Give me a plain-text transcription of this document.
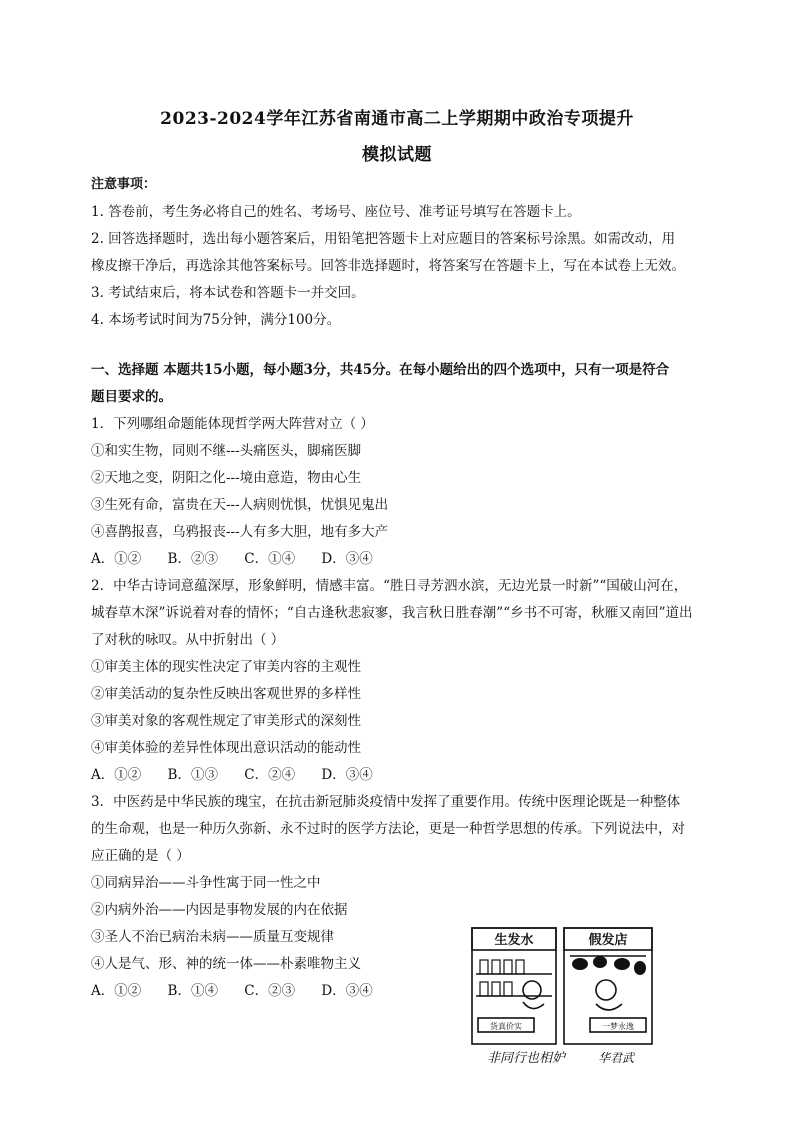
2023-2024学年江苏省南通市高二上学期期中政治专项提升
模拟试题
注意事项：
1. 答卷前，考生务必将自己的姓名、考场号、座位号、准考证号填写在答题卡上。
2. 回答选择题时，选出每小题答案后，用铅笔把答题卡上对应题目的答案标号涂黑。如需改动，用
橡皮擦干净后，再选涂其他答案标号。回答非选择题时，将答案写在答题卡上，写在本试卷上无效。
3. 考试结束后，将本试卷和答题卡一并交回。
4. 本场考试时间为75分钟，满分100分。
一、选择题 本题共15小题，每小题3分，共45分。在每小题给出的四个选项中，只有一项是符合
题目要求的。
1．下列哪组命题能体现哲学两大阵营对立（ ）
①和实生物，同则不继---头痛医头，脚痛医脚
②天地之变，阴阳之化---境由意造，物由心生
③生死有命，富贵在天---人病则忧惧，忧惧见鬼出
④喜鹊报喜，乌鸦报丧---人有多大胆，地有多大产
A．①② B．②③ C．①④ D．③④
2．中华古诗词意蕴深厚，形象鲜明，情感丰富。“胜日寻芳泗水滨，无边光景一时新”“国破山河在，
城春草木深”诉说着对春的情怀；“自古逢秋悲寂寥，我言秋日胜春潮”“乡书不可寄，秋雁又南回”道出
了对秋的咏叹。从中折射出（ ）
①审美主体的现实性决定了审美内容的主观性
②审美活动的复杂性反映出客观世界的多样性
③审美对象的客观性规定了审美形式的深刻性
④审美体验的差异性体现出意识活动的能动性
A．①② B．①③ C．②④ D．③④
3．中医药是中华民族的瑰宝，在抗击新冠肺炎疫情中发挥了重要作用。传统中医理论既是一种整体
的生命观，也是一种历久弥新、永不过时的医学方法论，更是一种哲学思想的传承。下列说法中，对
应正确的是（ ）
①同病异治——斗争性寓于同一性之中
②内病外治——内因是事物发展的内在依据
③圣人不治已病治未病——质量互变规律
④人是气、形、神的统一体——朴素唯物主义
A．①② B．①④ C．②③ D．③④
生发水	假发店
货真价实	一梦永逸
非同行也相妒	华君武
